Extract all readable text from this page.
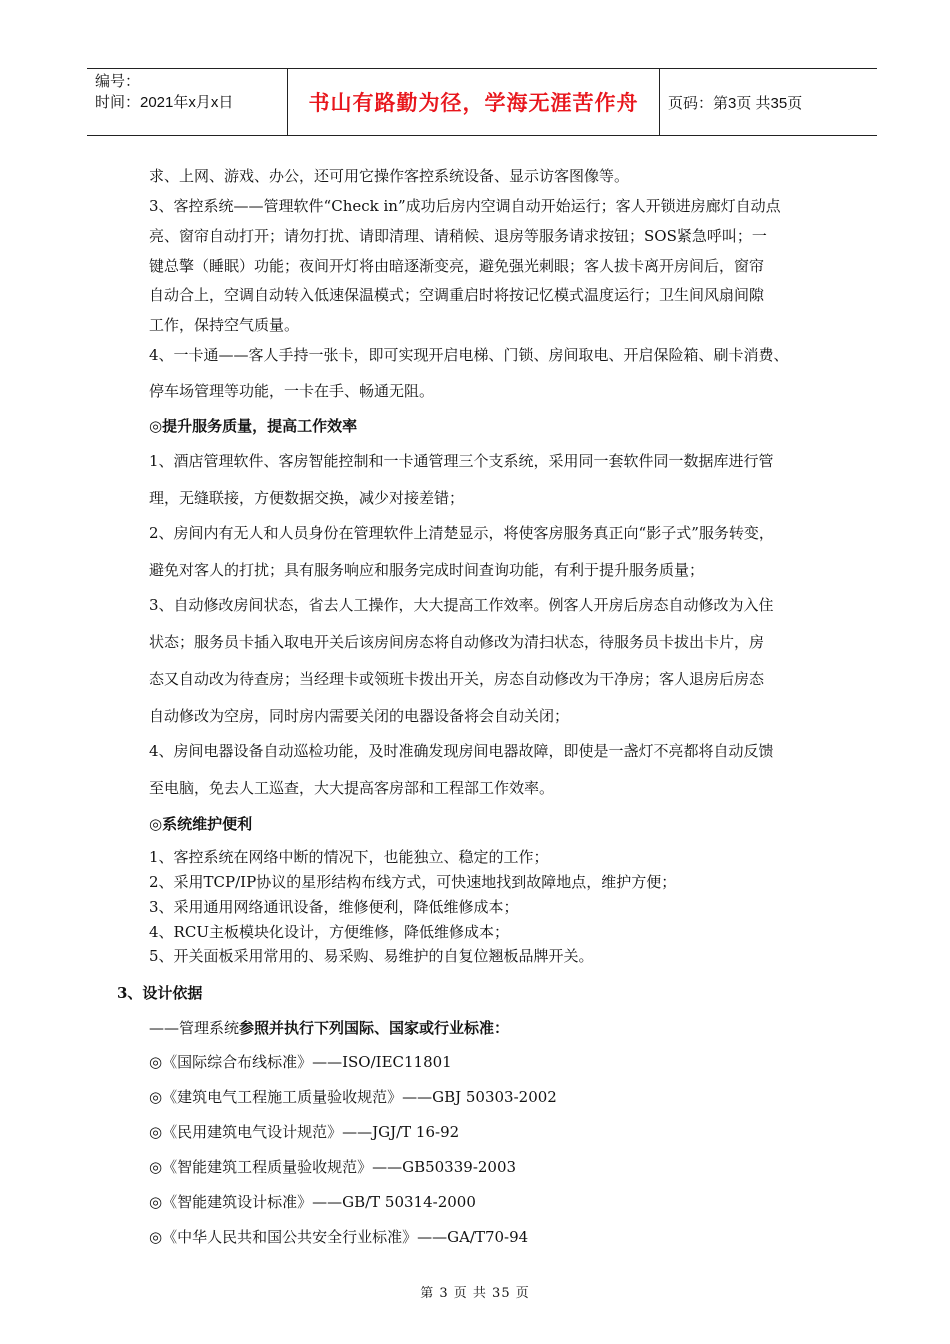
编号：
时间：2021年x月x日	书山有路勤为径，学海无涯苦作舟	页码：第3页 共35页
求、上网、游戏、办公，还可用它操作客控系统设备、显示访客图像等。
3、客控系统——管理软件“Check in”成功后房内空调自动开始运行；客人开锁进房廊灯自动点
亮、窗帘自动打开；请勿打扰、请即清理、请稍候、退房等服务请求按钮；SOS紧急呼叫；一
键总擎（睡眠）功能；夜间开灯将由暗逐渐变亮，避免强光刺眼；客人拔卡离开房间后，窗帘
自动合上，空调自动转入低速保温模式；空调重启时将按记忆模式温度运行；卫生间风扇间隙
工作，保持空气质量。
4、一卡通——客人手持一张卡，即可实现开启电梯、门锁、房间取电、开启保险箱、刷卡消费、
停车场管理等功能，一卡在手、畅通无阻。
◎提升服务质量，提高工作效率
1、酒店管理软件、客房智能控制和一卡通管理三个支系统，采用同一套软件同一数据库进行管
理，无缝联接，方便数据交换，减少对接差错；
2、房间内有无人和人员身份在管理软件上清楚显示，将使客房服务真正向“影子式”服务转变，
避免对客人的打扰；具有服务响应和服务完成时间查询功能，有利于提升服务质量；
3、自动修改房间状态，省去人工操作，大大提高工作效率。例客人开房后房态自动修改为入住
状态；服务员卡插入取电开关后该房间房态将自动修改为清扫状态，待服务员卡拔出卡片，房
态又自动改为待查房；当经理卡或领班卡拨出开关，房态自动修改为干净房；客人退房后房态
自动修改为空房，同时房内需要关闭的电器设备将会自动关闭；
4、房间电器设备自动巡检功能，及时准确发现房间电器故障，即使是一盏灯不亮都将自动反馈
至电脑，免去人工巡查，大大提高客房部和工程部工作效率。
◎系统维护便利
1、客控系统在网络中断的情况下，也能独立、稳定的工作；
2、采用TCP/IP协议的星形结构布线方式，可快速地找到故障地点，维护方便；
3、采用通用网络通讯设备，维修便利，降低维修成本；
4、RCU主板模块化设计，方便维修，降低维修成本；
5、开关面板采用常用的、易采购、易维护的自复位翘板品牌开关。
3、设计依据
——管理系统参照并执行下列国际、国家或行业标准：
◎《国际综合布线标准》——ISO/IEC11801
◎《建筑电气工程施工质量验收规范》——GBJ 50303-2002
◎《民用建筑电气设计规范》——JGJ/T 16-92
◎《智能建筑工程质量验收规范》——GB50339-2003
◎《智能建筑设计标准》——GB/T 50314-2000
◎《中华人民共和国公共安全行业标准》——GA/T70-94
第 3 页 共 35 页
